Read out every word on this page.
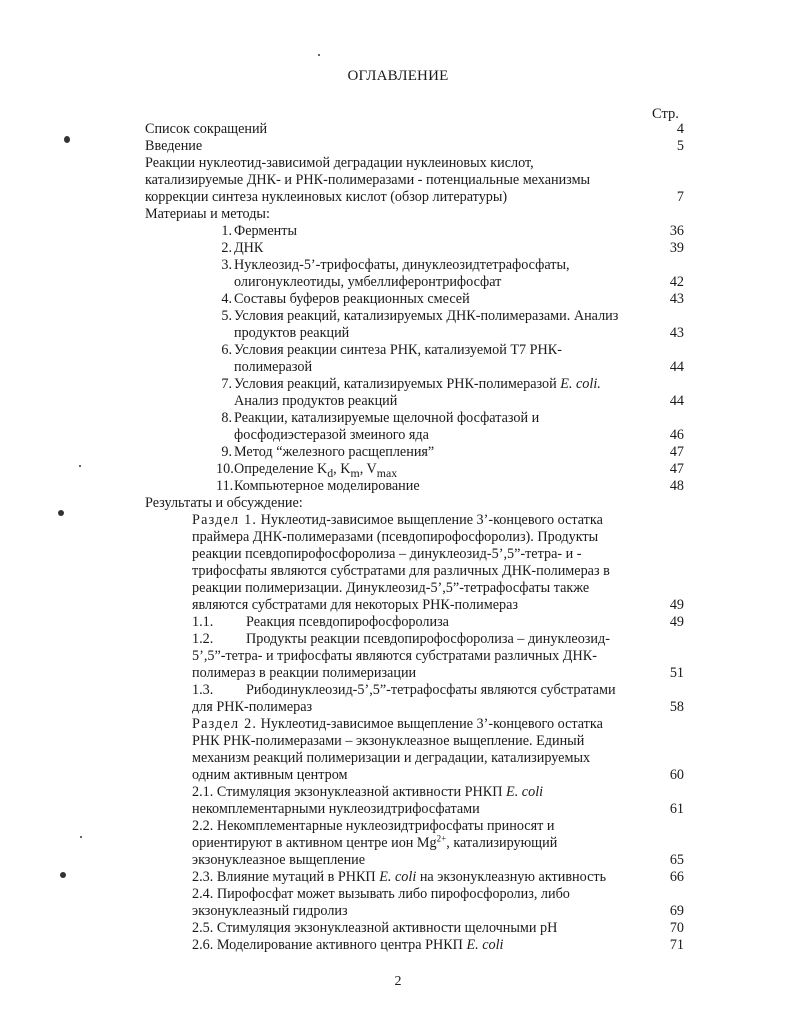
ОГЛАВЛЕНИЕ
Стр.
Список сокращений	4
Введение	5
Реакции нуклеотид-зависимой деградации нуклеиновых кислот,
катализируемые ДНК- и РНК-полимеразами - потенциальные механизмы
коррекции синтеза нуклеиновых кислот (обзор литературы)	7
Материаы и методы:
1. Ферменты	36
2. ДНК	39
3. Нуклеозид-5’-трифосфаты, динуклеозидтетрафосфаты,
олигонуклеотиды, умбеллиферонтрифосфат	42
4. Составы буферов реакционных смесей	43
5. Условия реакций, катализируемых ДНК-полимеразами. Анализ
продуктов реакций	43
6. Условия реакции синтеза РНК, катализуемой Т7 РНК-
полимеразой	44
7. Условия реакций, катализируемых РНК-полимеразой E. coli.
Анализ продуктов реакций	44
8. Реакции, катализируемые щелочной фосфатазой и
фосфодиэстеразой змеиного яда	46
9. Метод “железного расщепления”	47
10. Определение $K_d$, $K_m$, $V_{max}$	47
11. Компьютерное моделирование	48
Результаты и обсуждение:
Раздел 1. Нуклеотид-зависимое выщепление 3’-концевого остатка
праймера ДНК-полимеразами (псевдопирофосфоролиз). Продукты
реакции псевдопирофосфоролиза – динуклеозид-5’,5”-тетра- и -
трифосфаты являются субстратами для различных ДНК-полимераз в
реакции полимеризации. Динуклеозид-5’,5”-тетрафосфаты также
являются субстратами для некоторых РНК-полимераз	49
1.1. Реакция псевдопирофосфоролиза	49
1.2. Продукты реакции псевдопирофосфоролиза – динуклеозид-
5’,5”-тетра- и трифосфаты являются субстратами различных ДНК-
полимераз в реакции полимеризации	51
1.3. Рибодинуклеозид-5’,5”-тетрафосфаты являются субстратами
для РНК-полимераз	58
Раздел 2. Нуклеотид-зависимое выщепление 3’-концевого остатка
РНК РНК-полимеразами – экзонуклеазное выщепление. Единый
механизм реакций полимеризации и деградации, катализируемых
одним активным центром	60
2.1. Стимуляция экзонуклеазной активности РНКП E. coli
некомплементарными нуклеозидтрифосфатами	61
2.2. Некомплементарные нуклеозидтрифосфаты приносят и
ориентируют в активном центре ион $Mg^{2+}$, катализирующий
экзонуклеазное выщепление	65
2.3. Влияние мутаций в РНКП E. coli на экзонуклеазную активность	66
2.4. Пирофосфат может вызывать либо пирофосфоролиз, либо
экзонуклеазный гидролиз	69
2.5. Стимуляция экзонуклеазной активности щелочными pH	70
2.6. Моделирование активного центра РНКП E. coli	71
2
